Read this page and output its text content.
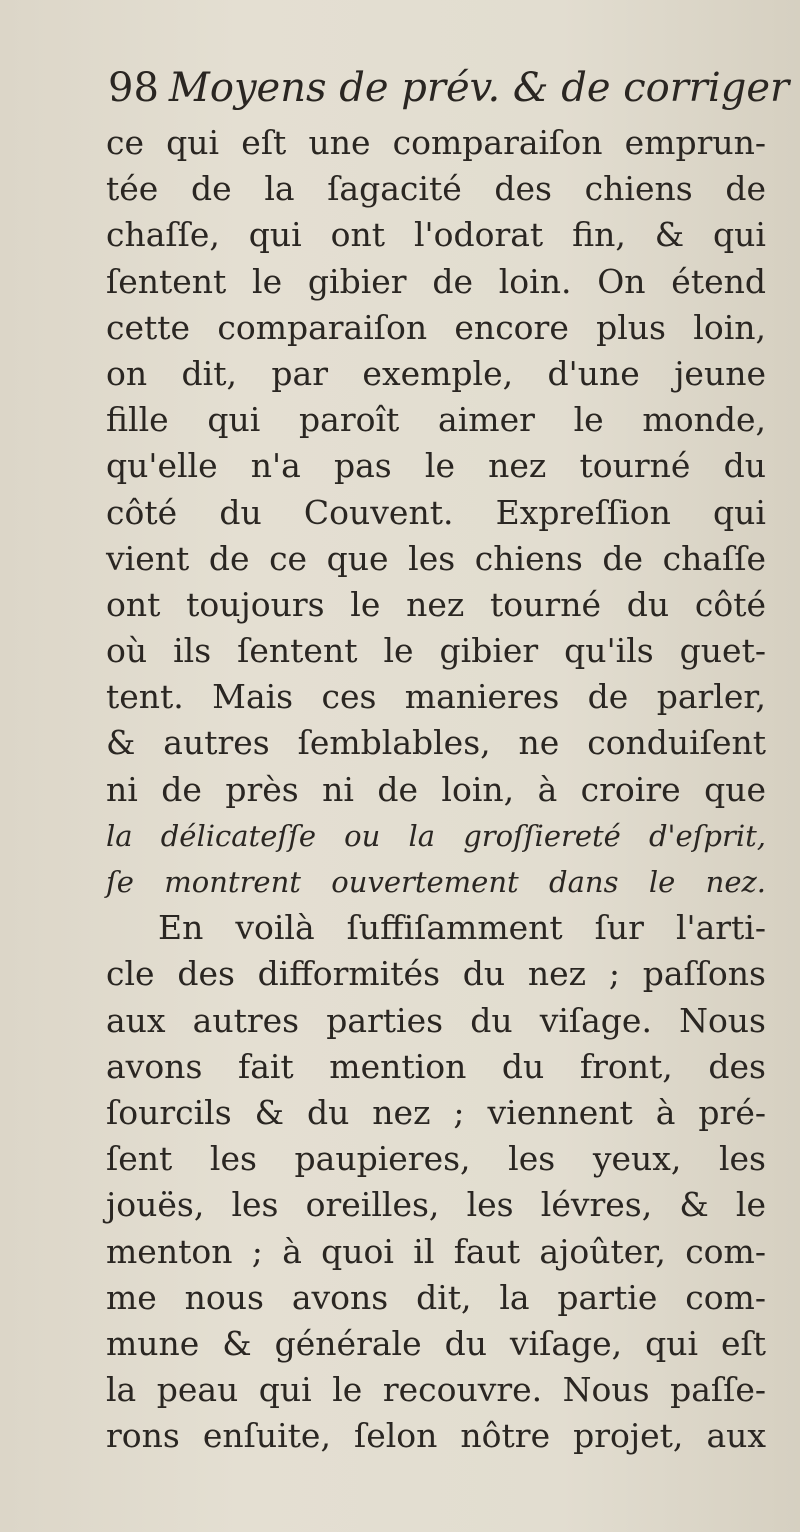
98 Moyens de prév. & de corriger
ce qui eſt une comparaiſon emprun-
tée de la ſagacité des chiens de
chaſſe, qui ont l'odorat fin, & qui
ſentent le gibier de loin. On étend
cette comparaiſon encore plus loin,
on dit, par exemple, d'une jeune
fille qui paroît aimer le monde,
qu'elle n'a pas le nez tourné du
côté du Couvent. Expreſſion qui
vient de ce que les chiens de chaſſe
ont toujours le nez tourné du côté
où ils ſentent le gibier qu'ils guet-
tent. Mais ces manieres de parler,
& autres ſemblables, ne conduiſent
ni de près ni de loin, à croire que
la délicateſſe ou la groſſiereté d'eſprit,
ſe montrent ouvertement dans le nez.
En voilà ſuffiſamment ſur l'arti-
cle des difformités du nez ; paſſons
aux autres parties du viſage. Nous
avons fait mention du front, des
ſourcils & du nez ; viennent à pré-
ſent les paupieres, les yeux, les
jouës, les oreilles, les lévres, & le
menton ; à quoi il faut ajoûter, com-
me nous avons dit, la partie com-
mune & générale du viſage, qui eſt
la peau qui le recouvre. Nous paſſe-
rons enſuite, ſelon nôtre projet, aux
